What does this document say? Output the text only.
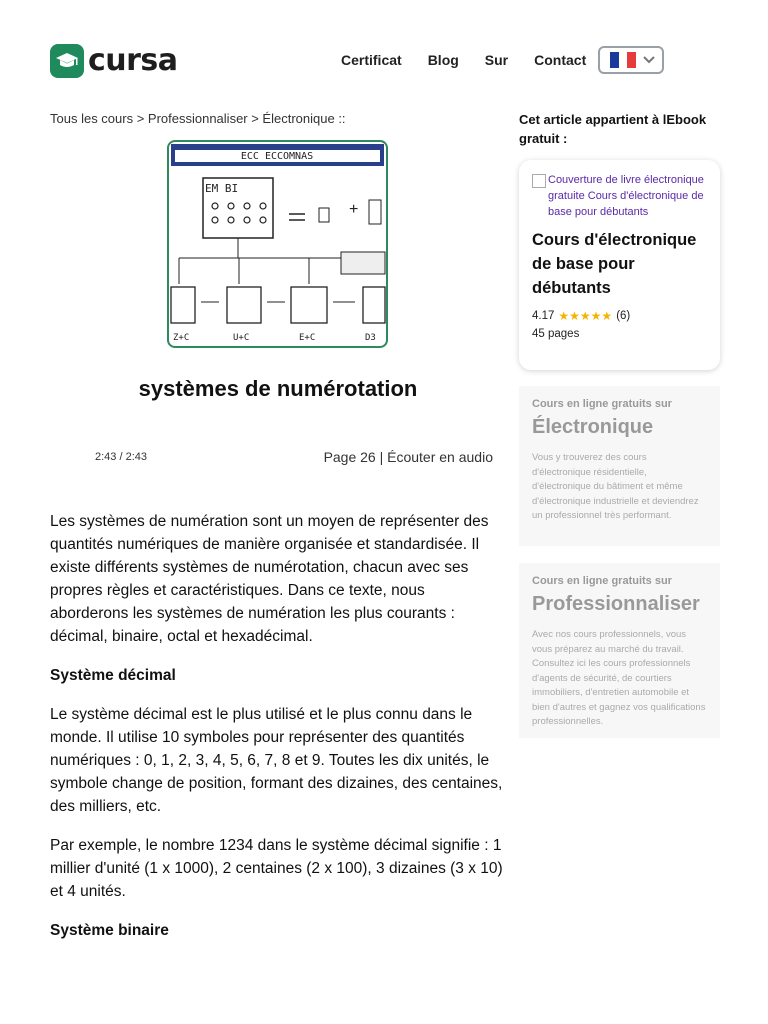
cursa	Certificat Blog Sur Contact
Tous les cours > Professionnaliser > Électronique ::
ECC ECCOMNAS
EM BI
+
Z+C	U+C	E+C	D3
systèmes de numérotation
2:43 / 2:43	Page 26 | Écouter en audio

Les systèmes de numération sont un moyen de représenter des quantités numériques de manière organisée et standardisée. Il existe différents systèmes de numérotation, chacun avec ses propres règles et caractéristiques. Dans ce texte, nous aborderons les systèmes de numération les plus courants : décimal, binaire, octal et hexadécimal.

Système décimal

Le système décimal est le plus utilisé et le plus connu dans le monde. Il utilise 10 symboles pour représenter des quantités numériques : 0, 1, 2, 3, 4, 5, 6, 7, 8 et 9. Toutes les dix unités, le symbole change de position, formant des dizaines, des centaines, des milliers, etc.

Par exemple, le nombre 1234 dans le système décimal signifie : 1 millier d'unité (1 x 1000), 2 centaines (2 x 100), 3 dizaines (3 x 10) et 4 unités.

Système binaire
Cet article appartient à lEbook gratuit :
Couverture de livre électronique gratuite Cours d'électronique de base pour débutants
Cours d'électronique de base pour débutants
4.17 ★★★★★ (6)
45 pages
Cours en ligne gratuits sur
Électronique
Vous y trouverez des cours d'électronique résidentielle, d'électronique du bâtiment et même d'électronique industrielle et deviendrez un professionnel très performant.
Cours en ligne gratuits sur
Professionnaliser
Avec nos cours professionnels, vous vous préparez au marché du travail. Consultez ici les cours professionnels d'agents de sécurité, de courtiers immobiliers, d'entretien automobile et bien d'autres et gagnez vos qualifications professionnelles.
